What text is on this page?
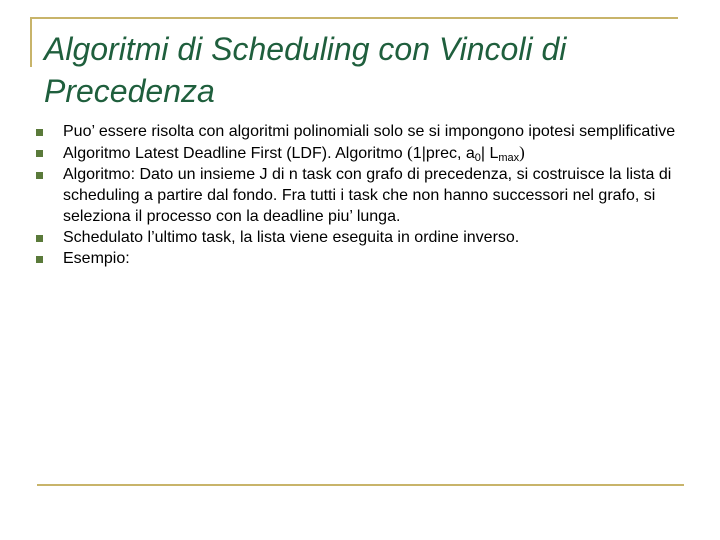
Algoritmi di Scheduling con Vincoli di
Precedenza
Puo’ essere risolta con algoritmi polinomiali solo se si impongono ipotesi semplificative
Algoritmo Latest Deadline First (LDF). Algoritmo (1|prec, $a_0|$ $L_{max}$)
Algoritmo: Dato un insieme J di n task con grafo di precedenza, si costruisce la lista di scheduling a partire dal fondo. Fra tutti i task che non hanno successori nel grafo, si seleziona il processo con la deadline piu’ lunga.
Schedulato l’ultimo task, la lista viene eseguita in ordine inverso.
Esempio:
